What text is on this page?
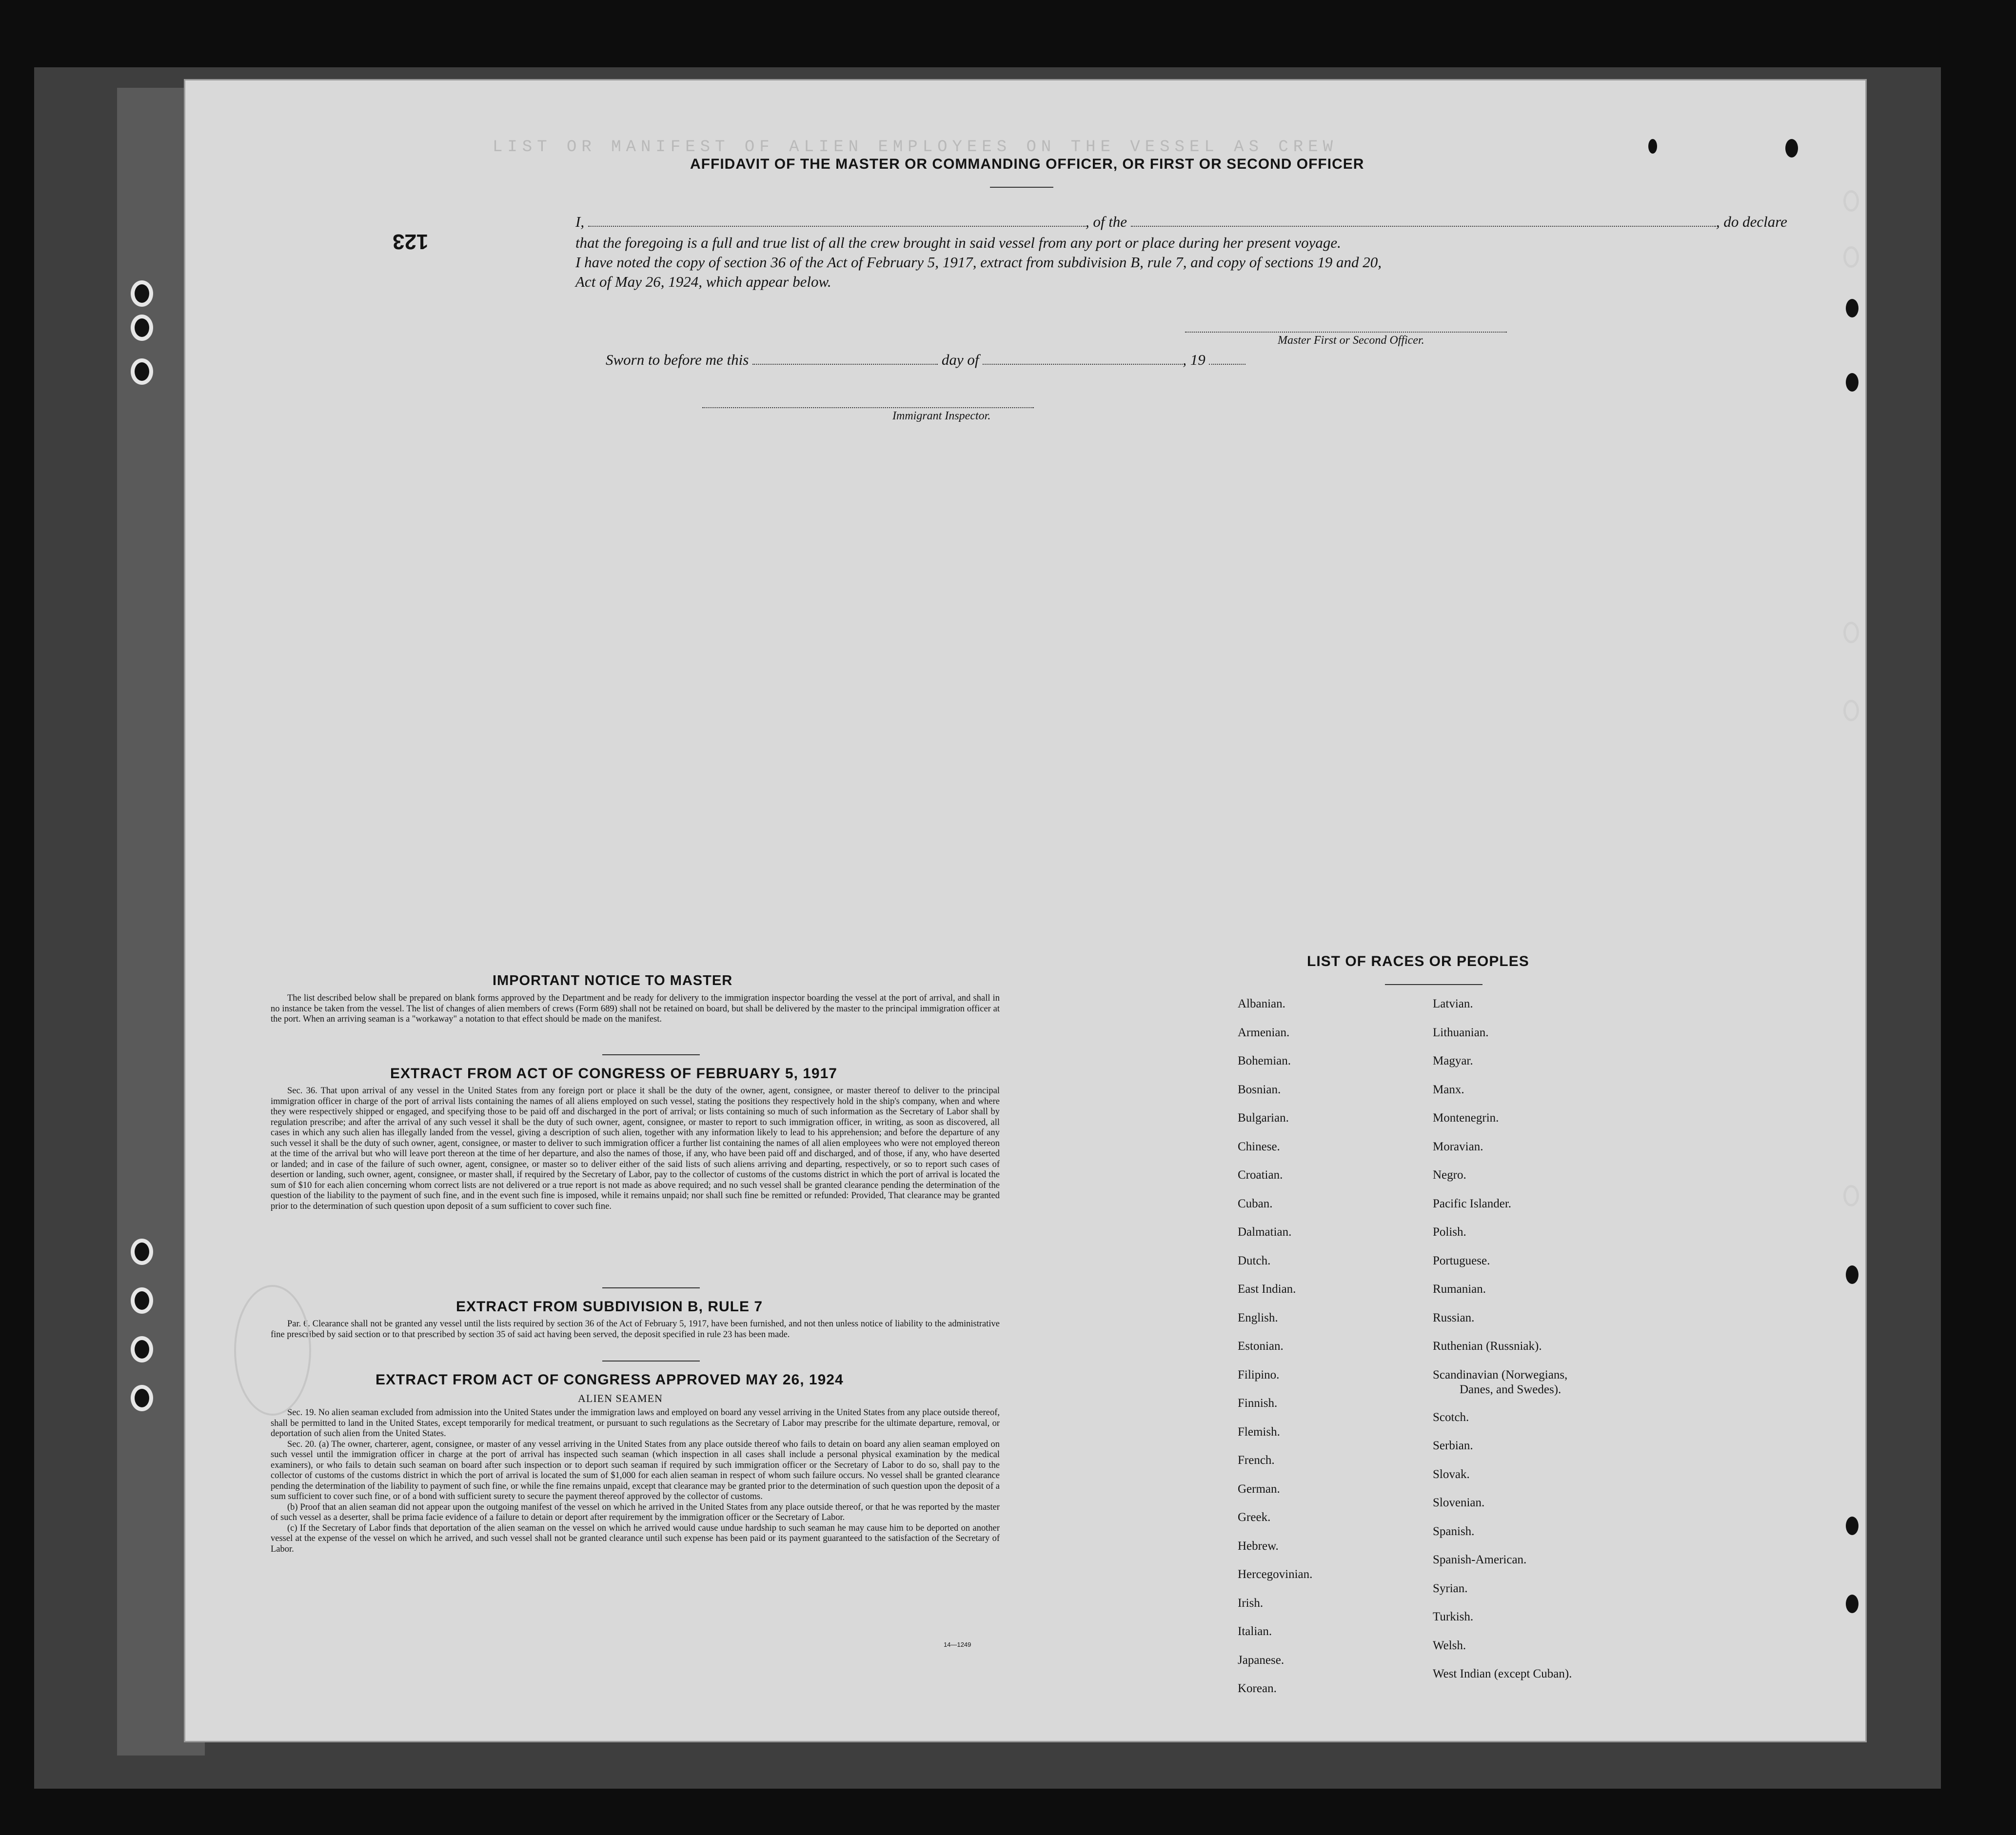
LIST OR MANIFEST OF ALIEN EMPLOYEES ON THE VESSEL AS CREW
123
AFFIDAVIT OF THE MASTER OR COMMANDING OFFICER, OR FIRST OR SECOND OFFICER
I,	, of the	, do declare
that the foregoing is a full and true list of all the crew brought in said vessel from any port or place during her present voyage.
I have noted the copy of section 36 of the Act of February 5, 1917, extract from subdivision B, rule 7, and copy of sections 19 and 20,
Act of May 26, 1924, which appear below.
Master First or Second Officer.
Sworn to before me this	day of	, 19
Immigrant Inspector.
IMPORTANT NOTICE TO MASTER

The list described below shall be prepared on blank forms approved by the Department and be ready for delivery to the immigration inspector boarding the vessel at the port of arrival, and shall in no instance be taken from the vessel. The list of changes of alien members of crews (Form 689) shall not be retained on board, but shall be delivered by the master to the principal immigration officer at the port. When an arriving seaman is a "workaway" a notation to that effect should be made on the manifest.

EXTRACT FROM ACT OF CONGRESS OF FEBRUARY 5, 1917

Sec. 36. That upon arrival of any vessel in the United States from any foreign port or place it shall be the duty of the owner, agent, consignee, or master thereof to deliver to the principal immigration officer in charge of the port of arrival lists containing the names of all aliens employed on such vessel, stating the positions they respectively hold in the ship's company, when and where they were respectively shipped or engaged, and specifying those to be paid off and discharged in the port of arrival; or lists containing so much of such information as the Secretary of Labor shall by regulation prescribe; and after the arrival of any such vessel it shall be the duty of such owner, agent, consignee, or master to report to such immigration officer, in writing, as soon as discovered, all cases in which any such alien has illegally landed from the vessel, giving a description of such alien, together with any information likely to lead to his apprehension; and before the departure of any such vessel it shall be the duty of such owner, agent, consignee, or master to deliver to such immigration officer a further list containing the names of all alien employees who were not employed thereon at the time of the arrival but who will leave port thereon at the time of her departure, and also the names of those, if any, who have been paid off and discharged, and of those, if any, who have deserted or landed; and in case of the failure of such owner, agent, consignee, or master so to deliver either of the said lists of such aliens arriving and departing, respectively, or so to report such cases of desertion or landing, such owner, agent, consignee, or master shall, if required by the Secretary of Labor, pay to the collector of customs of the customs district in which the port of arrival is located the sum of $10 for each alien concerning whom correct lists are not delivered or a true report is not made as above required; and no such vessel shall be granted clearance pending the determination of the question of the liability to the payment of such fine, and in the event such fine is imposed, while it remains unpaid; nor shall such fine be remitted or refunded: Provided, That clearance may be granted prior to the determination of such question upon deposit of a sum sufficient to cover such fine.

EXTRACT FROM SUBDIVISION B, RULE 7

Par. 6. Clearance shall not be granted any vessel until the lists required by section 36 of the Act of February 5, 1917, have been furnished, and not then unless notice of liability to the administrative fine prescribed by said section or to that prescribed by section 35 of said act having been served, the deposit specified in rule 23 has been made.

EXTRACT FROM ACT OF CONGRESS APPROVED MAY 26, 1924
ALIEN SEAMEN

Sec. 19. No alien seaman excluded from admission into the United States under the immigration laws and employed on board any vessel arriving in the United States from any place outside thereof, shall be permitted to land in the United States, except temporarily for medical treatment, or pursuant to such regulations as the Secretary of Labor may prescribe for the ultimate departure, removal, or deportation of such alien from the United States.

Sec. 20. (a) The owner, charterer, agent, consignee, or master of any vessel arriving in the United States from any place outside thereof who fails to detain on board any alien seaman employed on such vessel until the immigration officer in charge at the port of arrival has inspected such seaman (which inspection in all cases shall include a personal physical examination by the medical examiners), or who fails to detain such seaman on board after such inspection or to deport such seaman if required by such immigration officer or the Secretary of Labor to do so, shall pay to the collector of customs of the customs district in which the port of arrival is located the sum of $1,000 for each alien seaman in respect of whom such failure occurs. No vessel shall be granted clearance pending the determination of the liability to payment of such fine, or while the fine remains unpaid, except that clearance may be granted prior to the determination of such question upon the deposit of a sum sufficient to cover such fine, or of a bond with sufficient surety to secure the payment thereof approved by the collector of customs.

(b) Proof that an alien seaman did not appear upon the outgoing manifest of the vessel on which he arrived in the United States from any place outside thereof, or that he was reported by the master of such vessel as a deserter, shall be prima facie evidence of a failure to detain or deport after requirement by the immigration officer or the Secretary of Labor.

(c) If the Secretary of Labor finds that deportation of the alien seaman on the vessel on which he arrived would cause undue hardship to such seaman he may cause him to be deported on another vessel at the expense of the vessel on which he arrived, and such vessel shall not be granted clearance until such expense has been paid or its payment guaranteed to the satisfaction of the Secretary of Labor.

14—1249
LIST OF RACES OR PEOPLES
Albanian.
Armenian.
Bohemian.
Bosnian.
Bulgarian.
Chinese.
Croatian.
Cuban.
Dalmatian.
Dutch.
East Indian.
English.
Estonian.
Filipino.
Finnish.
Flemish.
French.
German.
Greek.
Hebrew.
Hercegovinian.
Irish.
Italian.
Japanese.
Korean.
Latvian.
Lithuanian.
Magyar.
Manx.
Montenegrin.
Moravian.
Negro.
Pacific Islander.
Polish.
Portuguese.
Rumanian.
Russian.
Ruthenian (Russniak).
Scandinavian (Norwegians,
Danes, and Swedes).
Scotch.
Serbian.
Slovak.
Slovenian.
Spanish.
Spanish-American.
Syrian.
Turkish.
Welsh.
West Indian (except Cuban).
